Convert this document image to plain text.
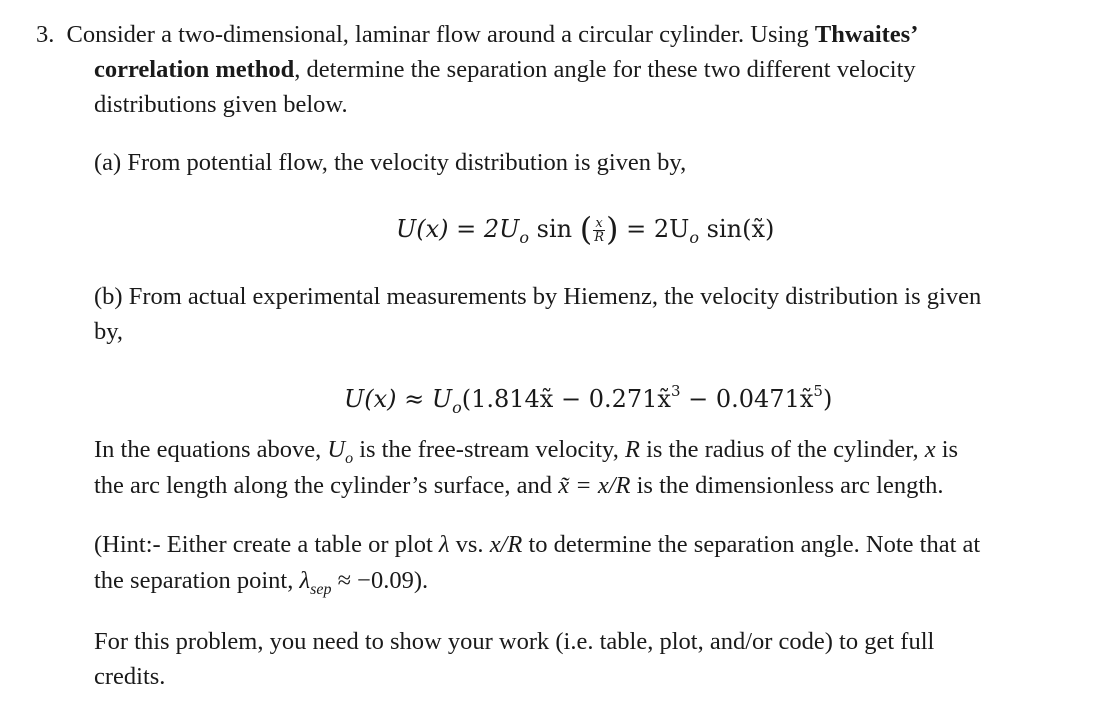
3. Consider a two-dimensional, laminar flow around a circular cylinder. Using Thwaites’
correlation method, determine the separation angle for these two different velocity
distributions given below.
(a) From potential flow, the velocity distribution is given by,
$U(x) = 2U_o$ sin ( $\frac{x}{R}$ ) = $2U_o$ sin(x̃)
(b) From actual experimental measurements by Hiemenz, the velocity distribution is given
by,
$U(x) \approx U_o(1.814x̃$ − 0.271x̃$^3$ − 0.0471x̃$^5$)
In the equations above, $U_o$ is the free-stream velocity, R is the radius of the cylinder, x is
the arc length along the cylinder’s surface, and x̃ = x/R is the dimensionless arc length.
(Hint:- Either create a table or plot λ vs. x/R to determine the separation angle. Note that at
the separation point, $\lambda_{sep} \approx -0.09$).
For this problem, you need to show your work (i.e. table, plot, and/or code) to get full
credits.
